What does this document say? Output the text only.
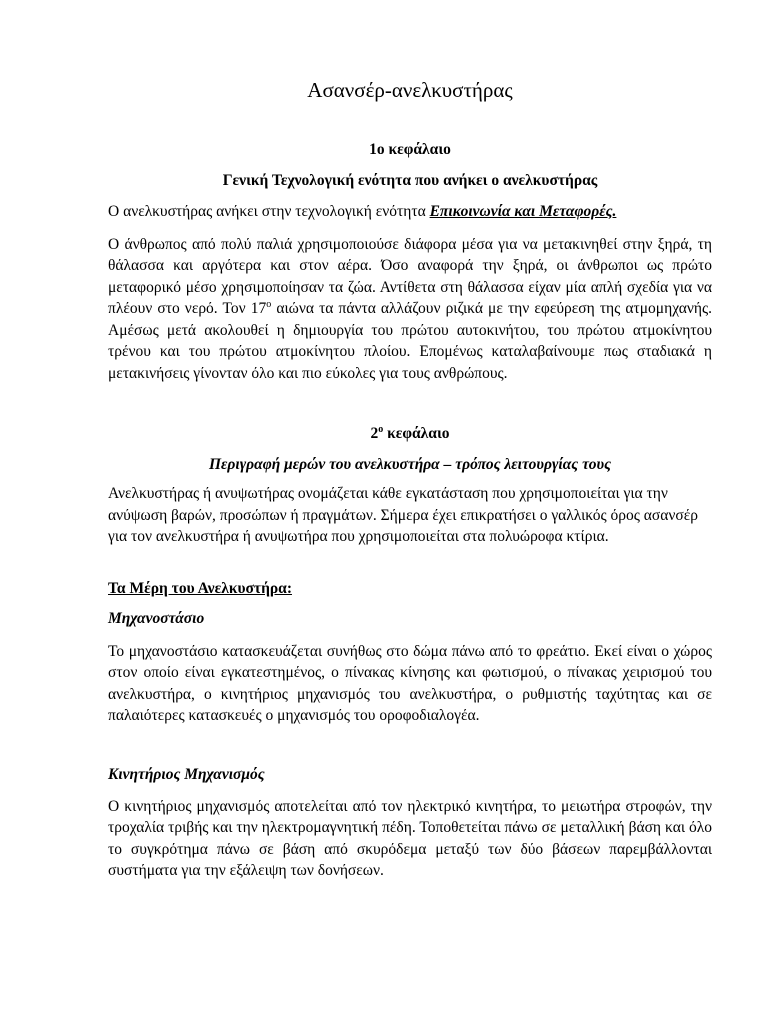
Ασανσέρ-ανελκυστήρας
1ο κεφάλαιο
Γενική Τεχνολογική ενότητα που ανήκει ο ανελκυστήρας

Ο ανελκυστήρας ανήκει στην τεχνολογική ενότητα Επικοινωνία και Μεταφορές.

Ο άνθρωπος από πολύ παλιά χρησιμοποιούσε διάφορα μέσα για να μετακινηθεί στην ξηρά, τη θάλασσα και αργότερα και στον αέρα. Όσο αναφορά την ξηρά, οι άνθρωποι ως πρώτο μεταφορικό μέσο χρησιμοποίησαν τα ζώα. Αντίθετα στη θάλασσα είχαν μία απλή σχεδία για να πλέουν στο νερό. Τον $17^o$ αιώνα τα πάντα αλλάζουν ριζικά με την εφεύρεση της ατμομηχανής. Αμέσως μετά ακολουθεί η δημιουργία του πρώτου αυτοκινήτου, του πρώτου ατμοκίνητου τρένου και του πρώτου ατμοκίνητου πλοίου. Επομένως καταλαβαίνουμε πως σταδιακά η μετακινήσεις γίνονταν όλο και πιο εύκολες για τους ανθρώπους.

$2^o$ κεφάλαιο
Περιγραφή μερών του ανελκυστήρα – τρόπος λειτουργίας τους

Ανελκυστήρας ή ανυψωτήρας ονομάζεται κάθε εγκατάσταση που χρησιμοποιείται για την ανύψωση βαρών, προσώπων ή πραγμάτων. Σήμερα έχει επικρατήσει ο γαλλικός όρος ασανσέρ για τον ανελκυστήρα ή ανυψωτήρα που χρησιμοποιείται στα πολυώροφα κτίρια.

Τα Μέρη του Ανελκυστήρα:
Μηχανοστάσιο

Το μηχανοστάσιο κατασκευάζεται συνήθως στο δώμα πάνω από το φρεάτιο. Εκεί είναι ο χώρος στον οποίο είναι εγκατεστημένος, ο πίνακας κίνησης και φωτισμού, ο πίνακας χειρισμού του ανελκυστήρα, ο κινητήριος μηχανισμός του ανελκυστήρα, ο ρυθμιστής ταχύτητας και σε παλαιότερες κατασκευές ο μηχανισμός του οροφοδιαλογέα.

Κινητήριος Μηχανισμός

Ο κινητήριος μηχανισμός αποτελείται από τον ηλεκτρικό κινητήρα, το μειωτήρα στροφών, την τροχαλία τριβής και την ηλεκτρομαγνητική πέδη. Τοποθετείται πάνω σε μεταλλική βάση και όλο το συγκρότημα πάνω σε βάση από σκυρόδεμα μεταξύ των δύο βάσεων παρεμβάλλονται συστήματα για την εξάλειψη των δονήσεων.
